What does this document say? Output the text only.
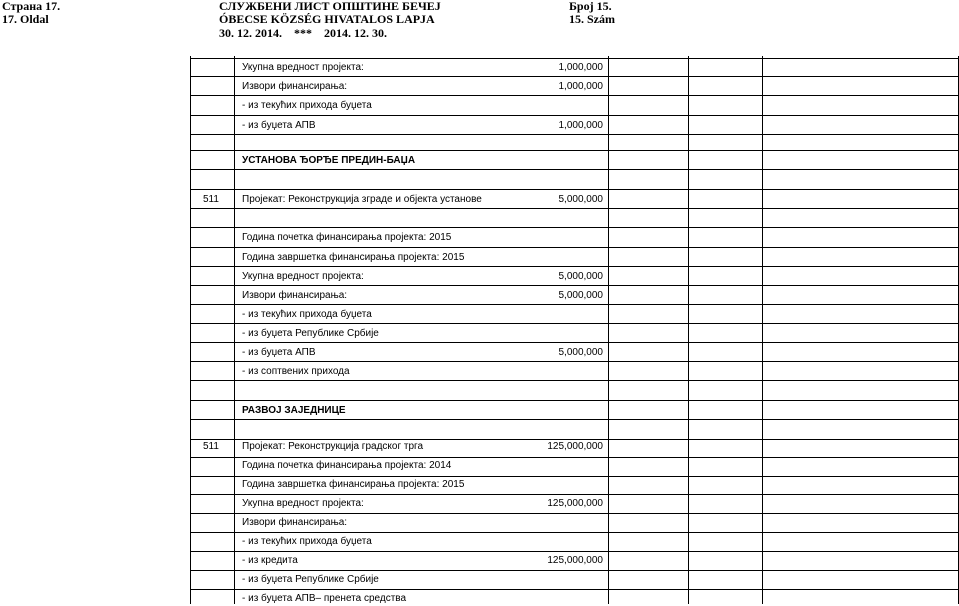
Страна 17.	СЛУЖБЕНИ ЛИСТ ОПШТИНЕ БЕЧЕЈ	Број 15.
17. Oldal	ÓBECSE KÖZSÉG HIVATALOS LAPJA	15. Szám
30. 12. 2014.    ***    2014. 12. 30.
Укупна вредност пројекта:	1,000,000
Извори финансирања:	1,000,000
- из текућих прихода буџета
- из буџета АПВ	1,000,000
УСТАНОВА ЂОРЂЕ ПРЕДИН-БАЏА
511 Пројекат: Реконструкција зграде и објекта установе	5,000,000
Година почетка финансирања пројекта: 2015
Година завршетка финансирања пројекта: 2015
Укупна вредност пројекта:	5,000,000
Извори финансирања:	5,000,000
- из текућих прихода буџета
- из буџета Републике Србије
- из буџета АПВ	5,000,000
- из соптвених прихода
РАЗВОЈ ЗАЈЕДНИЦЕ
511 Пројекат: Реконструкција градског трга	125,000,000
Година почетка финансирања пројекта: 2014
Година завршетка финансирања пројекта: 2015
Укупна вредност пројекта:	125,000,000
Извори финансирања:
- из текућих прихода буџета
- из кредита	125,000,000
- из буџета Републике Србије
- из буџета АПВ– пренета средства
